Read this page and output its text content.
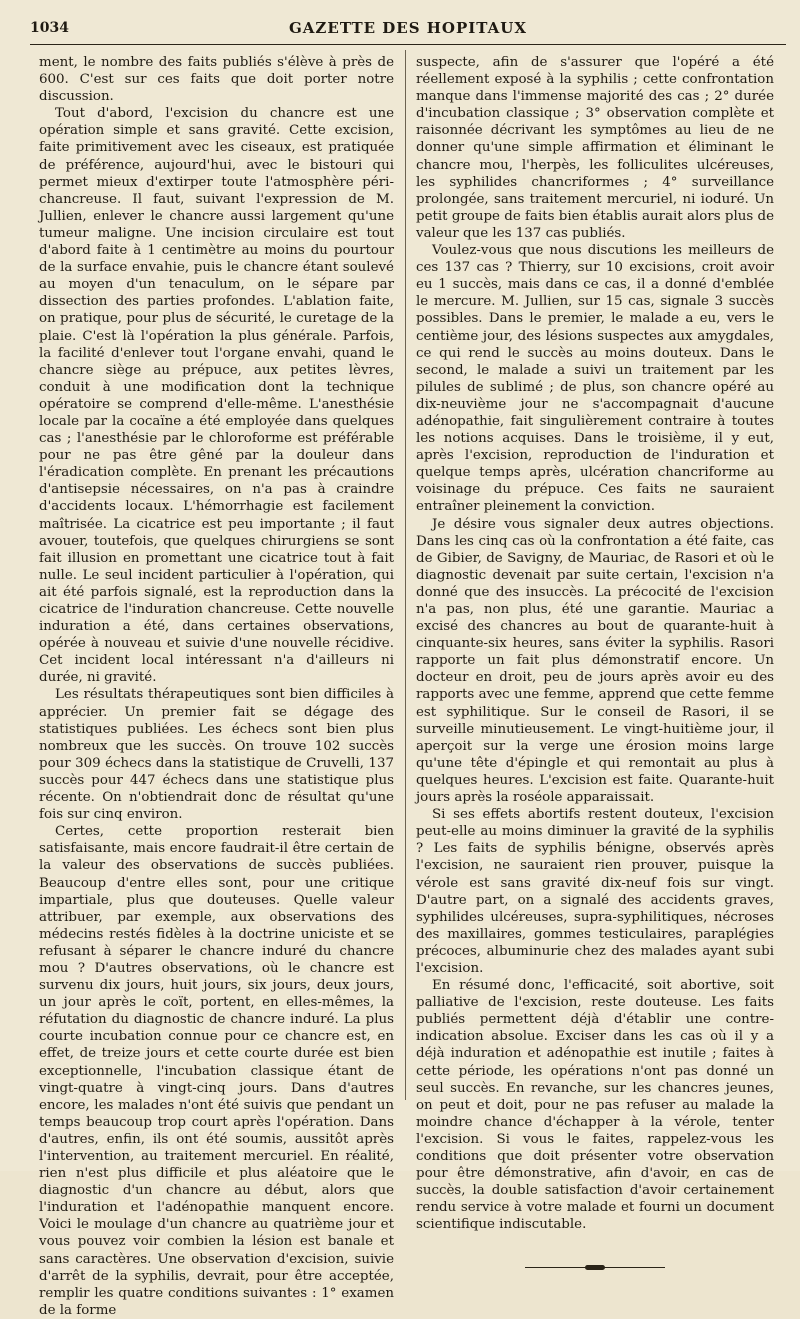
1034	GAZETTE DES HOPITAUX

ment, le nombre des faits publiés s'élève à près de 600. C'est sur ces faits que doit porter notre discussion.

Tout d'abord, l'excision du chancre est une opération simple et sans gravité. Cette excision, faite primitivement avec les ciseaux, est pratiquée de préférence, aujourd'hui, avec le bistouri qui permet mieux d'extirper toute l'atmosphère péri-chancreuse. Il faut, suivant l'expression de M. Jullien, enlever le chancre aussi largement qu'une tumeur maligne. Une incision circulaire est tout d'abord faite à 1 centimètre au moins du pourtour de la surface envahie, puis le chancre étant soulevé au moyen d'un tenaculum, on le sépare par dissection des parties profondes. L'ablation faite, on pratique, pour plus de sécurité, le curetage de la plaie. C'est là l'opération la plus générale. Parfois, la facilité d'enlever tout l'organe envahi, quand le chancre siège au prépuce, aux petites lèvres, conduit à une modification dont la technique opératoire se comprend d'elle-même. L'anesthésie locale par la cocaïne a été employée dans quelques cas ; l'anesthésie par le chloroforme est préférable pour ne pas être gêné par la douleur dans l'éradication complète. En prenant les précautions d'antisepsie nécessaires, on n'a pas à craindre d'accidents locaux. L'hémorrhagie est facilement maîtrisée. La cicatrice est peu importante ; il faut avouer, toutefois, que quelques chirurgiens se sont fait illusion en promettant une cicatrice tout à fait nulle. Le seul incident particulier à l'opération, qui ait été parfois signalé, est la reproduction dans la cicatrice de l'induration chancreuse. Cette nouvelle induration a été, dans certaines observations, opérée à nouveau et suivie d'une nouvelle récidive. Cet incident local intéressant n'a d'ailleurs ni durée, ni gravité.

Les résultats thérapeutiques sont bien difficiles à apprécier. Un premier fait se dégage des statistiques publiées. Les échecs sont bien plus nombreux que les succès. On trouve 102 succès pour 309 échecs dans la statistique de Cruvelli, 137 succès pour 447 échecs dans une statistique plus récente. On n'obtiendrait donc de résultat qu'une fois sur cinq environ.

Certes, cette proportion resterait bien satisfaisante, mais encore faudrait-il être certain de la valeur des observations de succès publiées. Beaucoup d'entre elles sont, pour une critique impartiale, plus que douteuses. Quelle valeur attribuer, par exemple, aux observations des médecins restés fidèles à la doctrine uniciste et se refusant à séparer le chancre induré du chancre mou ? D'autres observations, où le chancre est survenu dix jours, huit jours, six jours, deux jours, un jour après le coït, portent, en elles-mêmes, la réfutation du diagnostic de chancre induré. La plus courte incubation connue pour ce chancre est, en effet, de treize jours et cette courte durée est bien exceptionnelle, l'incubation classique étant de vingt-quatre à vingt-cinq jours. Dans d'autres encore, les malades n'ont été suivis que pendant un temps beaucoup trop court après l'opération. Dans d'autres, enfin, ils ont été soumis, aussitôt après l'intervention, au traitement mercuriel. En réalité, rien n'est plus difficile et plus aléatoire que le diagnostic d'un chancre au début, alors que l'induration et l'adénopathie manquent encore. Voici le moulage d'un chancre au quatrième jour et vous pouvez voir combien la lésion est banale et sans caractères. Une observation d'excision, suivie d'arrêt de la syphilis, devrait, pour être acceptée, remplir les quatre conditions suivantes : 1° examen de la forme

suspecte, afin de s'assurer que l'opéré a été réellement exposé à la syphilis ; cette confrontation manque dans l'immense majorité des cas ; 2° durée d'incubation classique ; 3° observation complète et raisonnée décrivant les symptômes au lieu de ne donner qu'une simple affirmation et éliminant le chancre mou, l'herpès, les folliculites ulcéreuses, les syphilides chancriformes ; 4° surveillance prolongée, sans traitement mercuriel, ni ioduré. Un petit groupe de faits bien établis aurait alors plus de valeur que les 137 cas publiés.

Voulez-vous que nous discutions les meilleurs de ces 137 cas ? Thierry, sur 10 excisions, croit avoir eu 1 succès, mais dans ce cas, il a donné d'emblée le mercure. M. Jullien, sur 15 cas, signale 3 succès possibles. Dans le premier, le malade a eu, vers le centième jour, des lésions suspectes aux amygdales, ce qui rend le succès au moins douteux. Dans le second, le malade a suivi un traitement par les pilules de sublimé ; de plus, son chancre opéré au dix-neuvième jour ne s'accompagnait d'aucune adénopathie, fait singulièrement contraire à toutes les notions acquises. Dans le troisième, il y eut, après l'excision, reproduction de l'induration et quelque temps après, ulcération chancriforme au voisinage du prépuce. Ces faits ne sauraient entraîner pleinement la conviction.

Je désire vous signaler deux autres objections. Dans les cinq cas où la confrontation a été faite, cas de Gibier, de Savigny, de Mauriac, de Rasori et où le diagnostic devenait par suite certain, l'excision n'a donné que des insuccès. La précocité de l'excision n'a pas, non plus, été une garantie. Mauriac a excisé des chancres au bout de quarante-huit à cinquante-six heures, sans éviter la syphilis. Rasori rapporte un fait plus démonstratif encore. Un docteur en droit, peu de jours après avoir eu des rapports avec une femme, apprend que cette femme est syphilitique. Sur le conseil de Rasori, il se surveille minutieusement. Le vingt-huitième jour, il aperçoit sur la verge une érosion moins large qu'une tête d'épingle et qui remontait au plus à quelques heures. L'excision est faite. Quarante-huit jours après la roséole apparaissait.

Si ses effets abortifs restent douteux, l'excision peut-elle au moins diminuer la gravité de la syphilis ? Les faits de syphilis bénigne, observés après l'excision, ne sauraient rien prouver, puisque la vérole est sans gravité dix-neuf fois sur vingt. D'autre part, on a signalé des accidents graves, syphilides ulcéreuses, supra-syphilitiques, nécroses des maxillaires, gommes testiculaires, paraplégies précoces, albuminurie chez des malades ayant subi l'excision.

En résumé donc, l'efficacité, soit abortive, soit palliative de l'excision, reste douteuse. Les faits publiés permettent déjà d'établir une contre-indication absolue. Exciser dans les cas où il y a déjà induration et adénopathie est inutile ; faites à cette période, les opérations n'ont pas donné un seul succès. En revanche, sur les chancres jeunes, on peut et doit, pour ne pas refuser au malade la moindre chance d'échapper à la vérole, tenter l'excision. Si vous le faites, rappelez-vous les conditions que doit présenter votre observation pour être démonstrative, afin d'avoir, en cas de succès, la double satisfaction d'avoir certainement rendu service à votre malade et fourni un document scientifique indiscutable.
